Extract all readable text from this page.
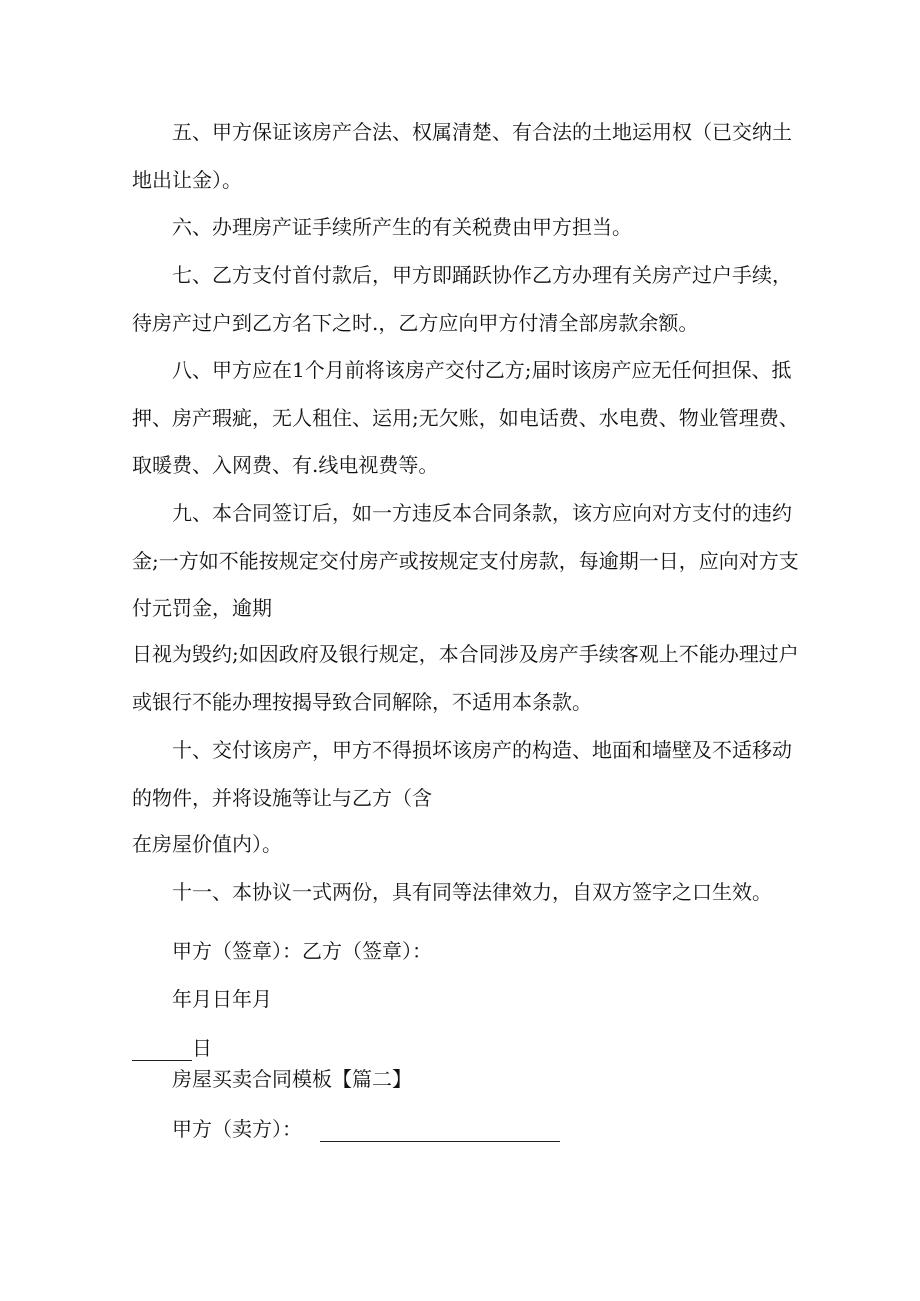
五、甲方保证该房产合法、权属清楚、有合法的土地运用权（已交纳土地出让金）。

六、办理房产证手续所产生的有关税费由甲方担当。

七、乙方支付首付款后，甲方即踊跃协作乙方办理有关房产过户手续，待房产过户到乙方名下之时.，乙方应向甲方付清全部房款余额。

八、甲方应在1个月前将该房产交付乙方;届时该房产应无任何担保、抵押、房产瑕疵，无人租住、运用;无欠账，如电话费、水电费、物业管理费、取暖费、入网费、有.线电视费等。

九、本合同签订后，如一方违反本合同条款，该方应向对方支付的违约金;一方如不能按规定交付房产或按规定支付房款，每逾期一日，应向对方支付元罚金，逾期

日视为毁约;如因政府及银行规定，本合同涉及房产手续客观上不能办理过户或银行不能办理按揭导致合同解除，不适用本条款。

十、交付该房产，甲方不得损坏该房产的构造、地面和墙壁及不适移动的物件，并将设施等让与乙方（含

在房屋价值内）。

十一、本协议一式两份，具有同等法律效力，自双方签字之口生效。

甲方（签章）：乙方（签章）：
年月日年月
日
房屋买卖合同模板【篇二】
甲方（卖方）：
